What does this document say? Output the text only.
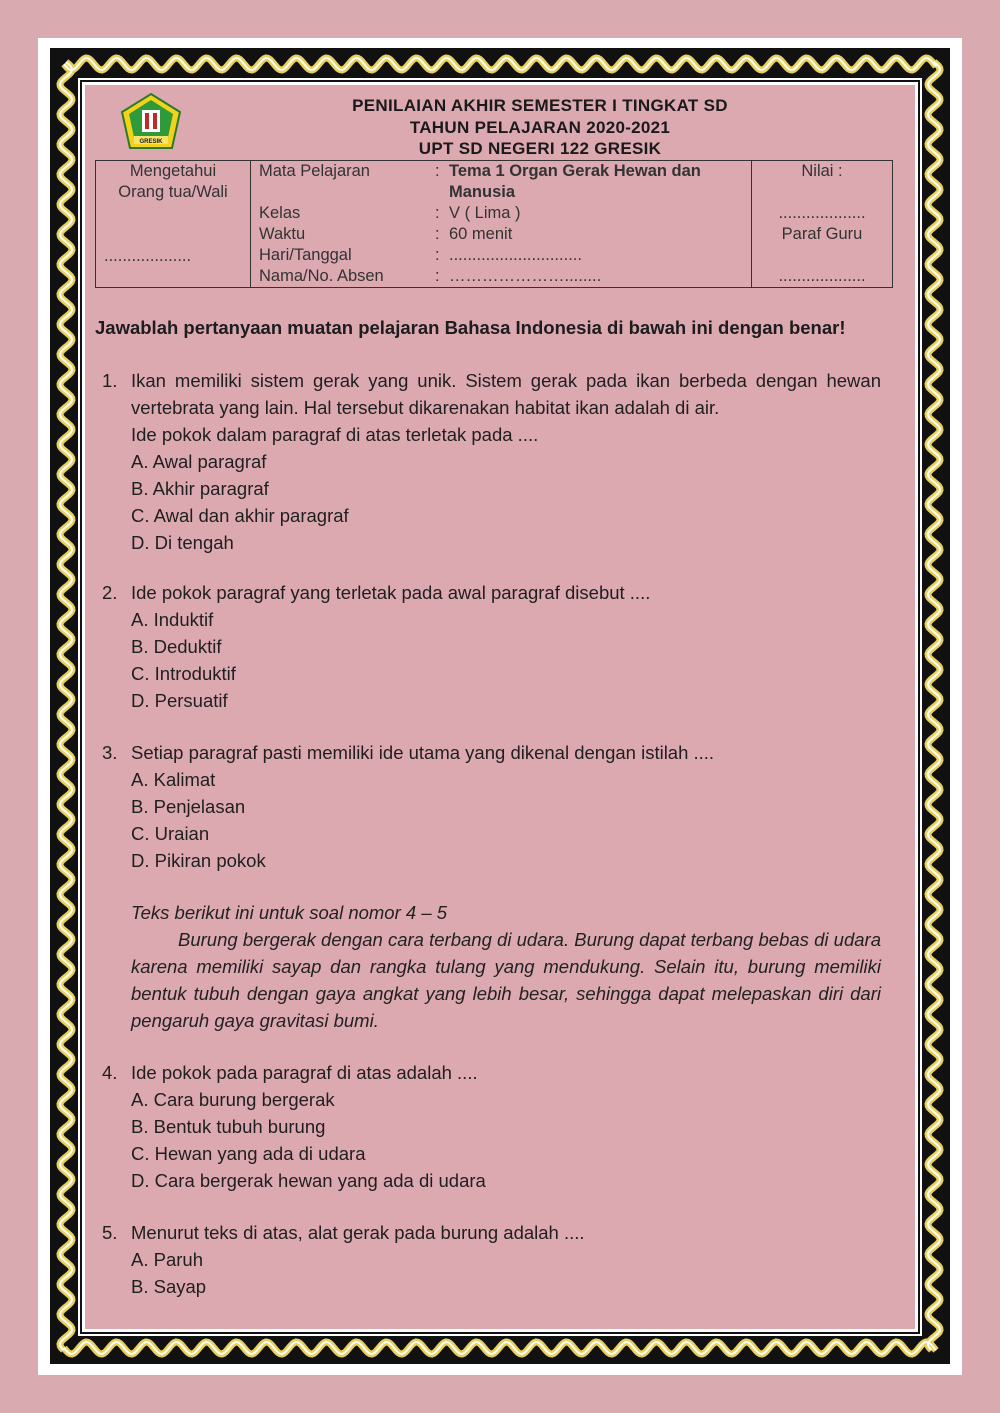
GRESIK
PENILAIAN AKHIR SEMESTER I TINGKAT SD
TAHUN PELAJARAN 2020-2021
UPT SD NEGERI 122 GRESIK
Mengetahui
Orang tua/Wali
...................

Mata Pelajaran	: Tema 1 Organ Gerak Hewan dan
Manusia
Kelas	: V ( Lima )
Waktu	: 60 menit
Hari/Tanggal	: .............................
Nama/No. Absen	: …………………........

Nilai :
...................
Paraf Guru
...................
Jawablah pertanyaan muatan pelajaran Bahasa Indonesia di bawah ini dengan benar!
1. Ikan memiliki sistem gerak yang unik. Sistem gerak pada ikan berbeda dengan hewan vertebrata yang lain. Hal tersebut dikarenakan habitat ikan adalah di air.
Ide pokok dalam paragraf di atas terletak pada ....
A. Awal paragraf
B. Akhir paragraf
C. Awal dan akhir paragraf
D. Di tengah
2. Ide pokok paragraf yang terletak pada awal paragraf disebut ....
A. Induktif
B. Deduktif
C. Introduktif
D. Persuatif
3. Setiap paragraf pasti memiliki ide utama yang dikenal dengan istilah ....
A. Kalimat
B. Penjelasan
C. Uraian
D. Pikiran pokok
Teks berikut ini untuk soal nomor 4 – 5
Burung bergerak dengan cara terbang di udara. Burung dapat terbang bebas di udara karena memiliki sayap dan rangka tulang yang mendukung. Selain itu, burung memiliki bentuk tubuh dengan gaya angkat yang lebih besar, sehingga dapat melepaskan diri dari pengaruh gaya gravitasi bumi.
4. Ide pokok pada paragraf di atas adalah ....
A. Cara burung bergerak
B. Bentuk tubuh burung
C. Hewan yang ada di udara
D. Cara bergerak hewan yang ada di udara
5. Menurut teks di atas, alat gerak pada burung adalah ....
A. Paruh
B. Sayap
